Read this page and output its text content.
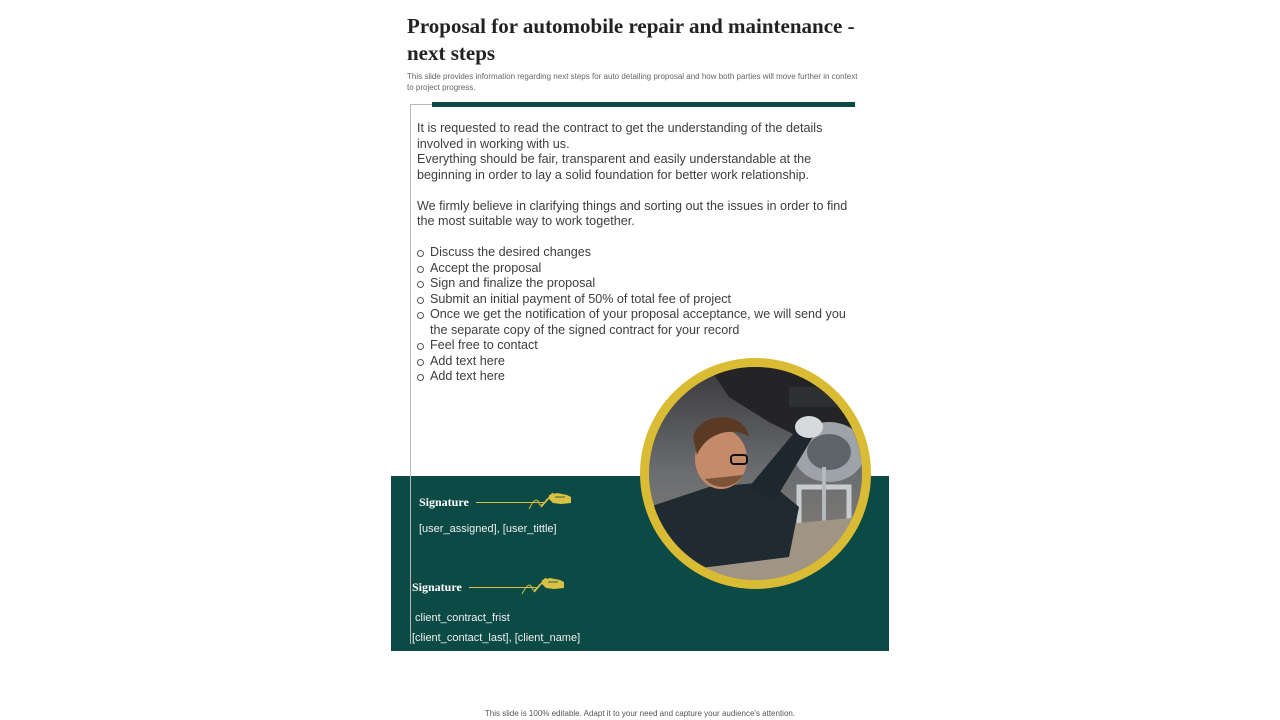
Proposal for automobile repair and maintenance - next steps
This slide provides information regarding next steps for auto detailing proposal and how both parties will move further in context to project progress.

It is requested to read the contract to get the understanding of the details involved in working with us.

Everything should be fair, transparent and easily understandable at the beginning in order to lay a solid foundation for better work relationship.

We firmly believe in clarifying things and sorting out the issues in order to find the most suitable way to work together.

Discuss the desired changes
Accept the proposal
Sign and finalize the proposal
Submit an initial payment of 50% of total fee of project
Once we get the notification of your proposal acceptance, we will send you the separate copy of the signed contract for your record
Feel free to contact
Add text here
Add text here
Signature
[user_assigned], [user_tittle]
Signature
client_contract_frist
[client_contact_last], [client_name]
This slide is 100% editable. Adapt it to your need and capture your audience's attention.
